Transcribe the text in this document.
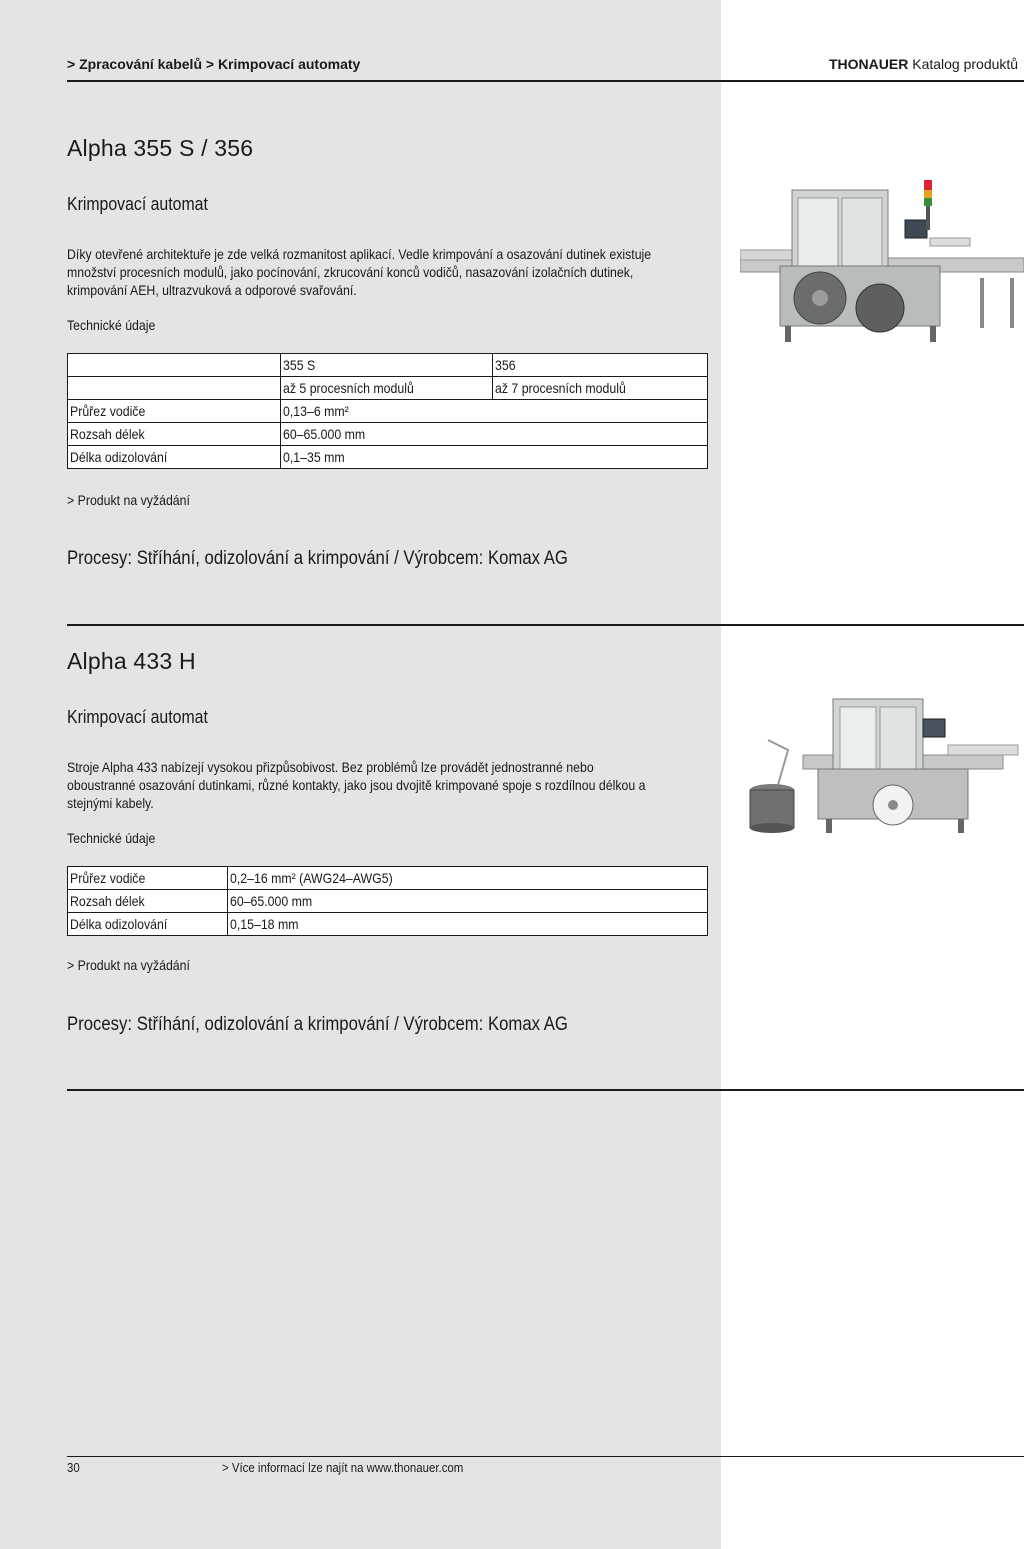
> Zpracování kabelů > Krimpovací automaty	THONAUER Katalog produktů
Alpha 355 S / 356
Krimpovací automat

Díky otevřené architektuře je zde velká rozmanitost aplikací. Vedle krimpování a osazování dutinek existuje

množství procesních modulů, jako pocínování, zkrucování konců vodičů, nasazování izolačních dutinek,

krimpování AEH, ultrazvuková a odporové svařování.

Technické údaje
	355 S	356
	až 5 procesních modulů	až 7 procesních modulů
Průřez vodiče	0,13–6 mm²	
Rozsah délek	60–65.000 mm	
Délka odizolování	0,1–35 mm	
> Produkt na vyžádání
Procesy: Stříhání, odizolování a krimpování / Výrobcem: Komax AG
Alpha 433 H
Krimpovací automat

Stroje Alpha 433 nabízejí vysokou přizpůsobivost. Bez problémů lze provádět jednostranné nebo

oboustranné osazování dutinkami, různé kontakty, jako jsou dvojitě krimpované spoje s rozdílnou délkou a

stejnými kabely.

Technické údaje
Průřez vodiče	0,2–16 mm² (AWG24–AWG5)
Rozsah délek	60–65.000 mm
Délka odizolování	0,15–18 mm
> Produkt na vyžádání
Procesy: Stříhání, odizolování a krimpování / Výrobcem: Komax AG
30	> Více informací lze najít na www.thonauer.com
